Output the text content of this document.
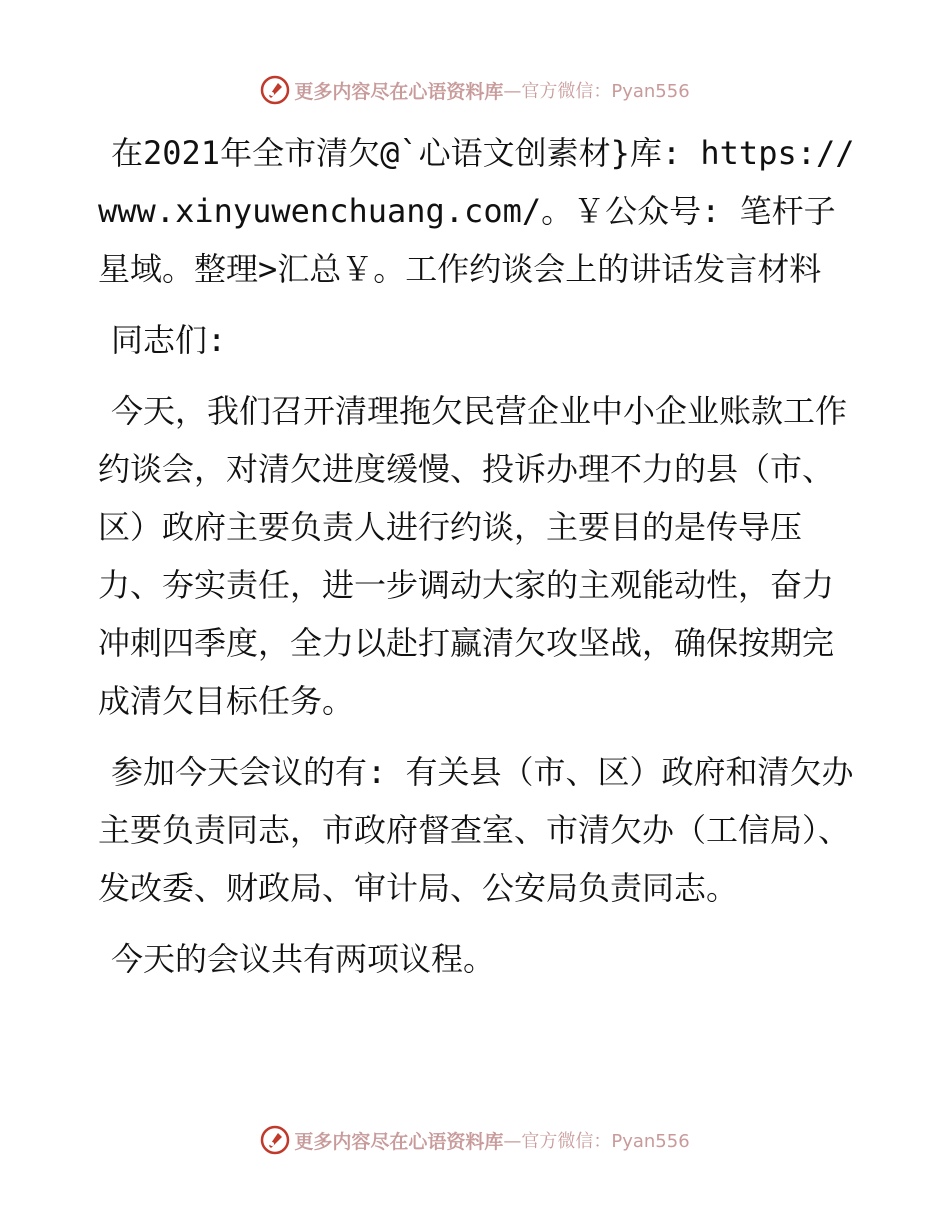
更多内容尽在心语资料库 —官方微信：Pyan556

在2021年全市清欠@`心语文创素材}库: https://www.xinyuwenchuang.com/。￥公众号: 笔杆子星域。整理>汇总￥。工作约谈会上的讲话发言材料

同志们:

今天，我们召开清理拖欠民营企业中小企业账款工作约谈会，对清欠进度缓慢、投诉办理不力的县（市、区）政府主要负责人进行约谈，主要目的是传导压力、夯实责任，进一步调动大家的主观能动性，奋力冲刺四季度，全力以赴打赢清欠攻坚战，确保按期完成清欠目标任务。

参加今天会议的有: 有关县（市、区）政府和清欠办主要负责同志，市政府督查室、市清欠办（工信局）、发改委、财政局、审计局、公安局负责同志。

今天的会议共有两项议程。

更多内容尽在心语资料库 —官方微信：Pyan556
